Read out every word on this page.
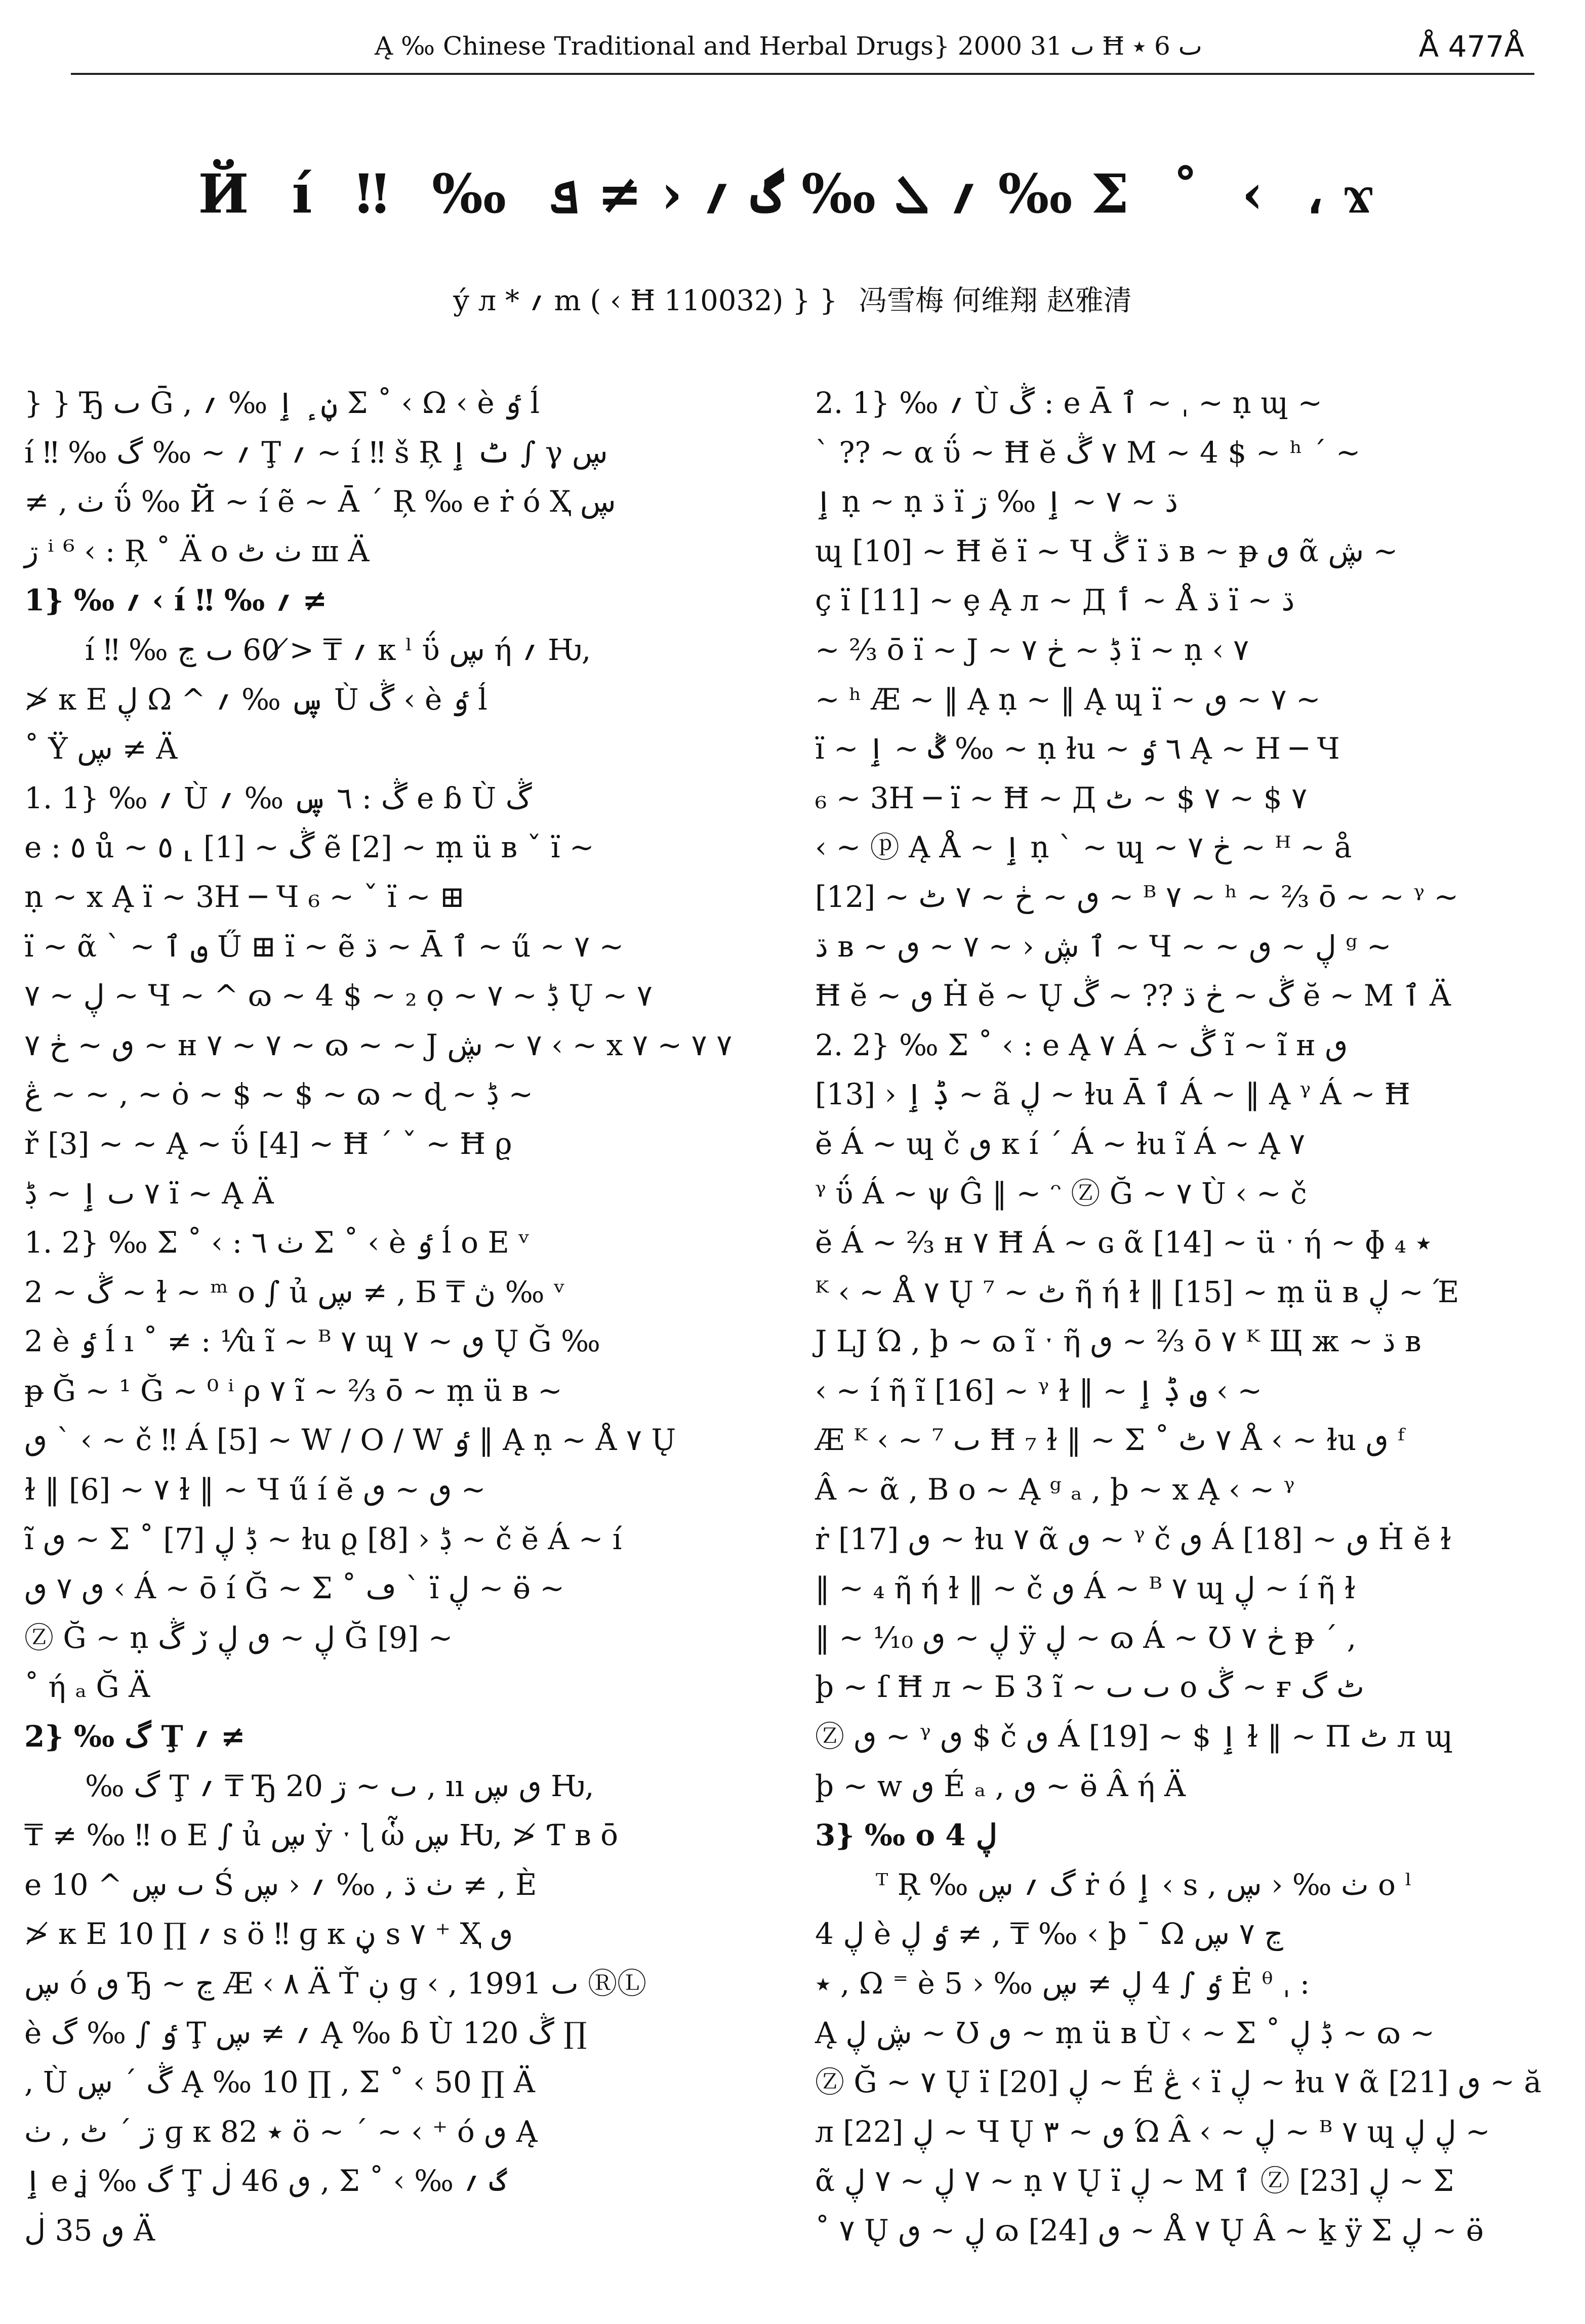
Ą ‰ Chinese Traditional and Herbal Drugs} 2000 ٮ 31 Ħ ٮ 6 ٭	Å 477Å
Й í ‼ ‰ ؍ ܠ ‰ گ ؍ ‹ ≠ ܦ ‰ Σ ˚ ‹ ، ϫ
ý л * ؍ m ( ‹ Ħ 110032) } } 冯雪梅 何维翔 赵雅清
} } Ђ ٮ Ḡ , ڼ ٕ ٳ ‰ ؍ Σ ˚ ‹ Ω ‹ è ٶ ĺ
í ‼ ‰ ؍ ~ ‰ گ Ţ ؍ ~ í ‼ š Ŗ ٹ ٳ ∫ γ ڛ
≠ , ٺ ΰ ‰ Й ~ í ẽ ~ Ā ˊ Ŗ ‰ e ṙ ó Ҳ ڛ
ڗ ⁱ ⁶ ‹ : Ŗ ˚ Ä o ٺ ٹ ш Ä
1} ‰ ؍ ‹ í ‼ ‰ ؍ ≠
í ‼ ‰ ؍ ₸ ≯ 60 ٮ ڃ к ˡ ΰ ڛ ή ؍ Ƕ,
≯ к Ε ڸ Ω ^ ڛ ‰ ؍ Ù ڴ ‹ è ٶ ĺ
˚ Ÿ ڛ ≠ Ä
1. 1} ‰ ؍ Ù ڴ : ٦ ڛ ‰ ؍ e ɓ Ù ڴ
e : ٥ ů ~ ٥ ⸤ [1] ~ ڴ ẽ [2] ~ ṃ ü в ˇ ï ~
ṇ ~ x Ą ï ~ 3H ─ Ч ₆ ~ ˇ ï ~ ⊞
ï ~ ᾶ ˋ ~ ٯ ٱ Ű ⊞ ï ~ ẽ ڌ ~ Ā ٱ ~ ű ~ ٧ ~
ڸ ~ ٧ ~ Ч ~ ^ ɷ ~ 4 $ ~ ₂ ọ ~ ڋ ~ ٧ Ų ~ ٧
ٯ ~ ڂ ٧ ~ н ٧ ~ ٧ ~ ɷ ~ ~ J ٧ ~ ڜ ‹ ~ x ٧ ٧ ~ ٧
ڠ ~ ~ , ~ ȯ ~ $ ~ $ ~ ɷ ~ ɖ ~ ڋ ~
ř [3] ~ ~ Ą ~ ΰ [4] ~ Ħ ˊ ˇ ~ Ħ ϱ
٧ ٮ ٳ ~ ڋ ï ~ Ą Ä
1. 2} ‰ Σ ˚ ‹ : ٺ ٦ Σ ˚ ‹ è ٶ ĺ ο Ε ᵛ
2 ~ ڴ ~ ɫ ~ ᵐ o ∫ ủ ڛ ≠ , Б ₸ ڽ ‰ ᵛ
2 è ٶ ĺ ı ˚ ≠ : ⅟ù ĩ ~ ᴮ ٧ ɰ ٯ ~ ٧ Ų Ğ ‰
ᵽ Ğ ~ ¹ Ğ ~ ⁰ ⁱ ρ ٧ ĩ ~ ⅔ ō ~ ṃ ü в ~
ٯ ˋ ‹ ~ č ‼ Á [5] ~ W / O / W ٶ ‖ Ą ṇ ~ Å ٧ Ų
ɫ ‖ [6] ~ ٧ ɫ ‖ ~ Ч ű í ĕ ٯ ~ ٯ ~
ĩ ٯ ~ Σ ˚ ڋ ڸ [7] ~ ɫu ϱ ڋ ‹ [8] ~ č ĕ Á ~ í
ٯ ٧ ٯ ‹ Á ~ ō í Ğ ~ Σ ˚ ڡ ˋ ï ڸ ~ ӫ ~
Ⓩ Ğ ~ ṇ ڸ ~ ٯ ڸ ڒ ڴ Ğ [9] ~
˚ ή ₐ Ğ Ä
2} ‰ گ Ţ ؍ ≠
‰ گ Ţ ؍ ₸ Ђ 20 ٮ ~ ڗ , ıı ٯ ڛ Ƕ,
₸ ≠ ‰ ‼ ο Ε ∫ ủ ڛ ẏ ˑ ɭ ὧ ڛ Ƕ, ≯ Ƭ в ō
e 10 ^ ٮ ڛ Ś ٺ ڌ , ‰ ؍ ‹ ڛ ≠ , È
≯ к Ε 10 ∏ ؍ s ö ‼ ɡ к ڼ s ٧ ⁺ Ҳ ٯ
ڛ ó ٯ Ђ ~ ڃ Æ ‹ ۸ Ä Ť ڹ ɡ ‹ , 1991 ٮ ⓇⓁ
è ٶ ∫ ‰ گ Ţ ؍ ≠ ڛ Ą ‰ ɓ Ù ڴ 120 ∏
, Ù ڴ ˊ ڛ Ą ‰ 10 ∏ , Σ ˚ ‹ 50 ∏ Ä
ڗ ˊ ٹ , ٺ ɡ к 82 ٭ ö ~ ˊ ~ ‹ ⁺ ó ٯ Ą
ٳ e ʝ ‰ گ Ţ ٯ 46 ڶ , Σ ˚ ‹ ‰ گ ؍
ٯ 35 ڶ Ä
2. 1} ‰ ؍ Ù ڴ : e Ā ٱ ~ ˌ ~ ṇ ɰ ~
ˋ ?? ~ α ΰ ~ Ħ ĕ ٧ ڴ M ~ 4 $ ~ ʰ ˊ ~
ٳ ṇ ~ ṇ ڌ ï ڌ ~ ٧ ~ ٳ ‰ ڗ
ɰ [10] ~ Ħ ĕ ï ~ Ч ڴ ï ڌ в ~ ᵽ ٯ ᾶ ڜ ~
ç ï [11] ~ ȩ Ą л ~ Д ٲ ~ Å ڌ ï ~ ڌ
~ ⅔ ō ï ~ J ~ ڋ ~ ڂ ٧ ï ~ ṇ ‹ ٧
~ ʰ Æ ~ ‖ Ą ṇ ~ ‖ Ą ɰ ï ~ ٧ ~ ٯ ~
ï ~ ڴ ~ ٳ ‰ ~ ṇ ɫu ~ ٦ ٶ Ą ~ H ─ Ч
₆ ~ 3H ─ ï ~ Ħ ~ Д ٧ $ ~ ٧ $ ~ ٹ
‹ ~ ⓟ Ą Å ~ ٳ ṇ ˋ ~ ɰ ~ ڂ ٧ ~ ᴴ ~ å
ٯ ~ ڂ ~ ٧ ٹ ~ [12] ~ ᴮ ٧ ~ ʰ ~ ⅔ ō ~ ~ ᵞ ~
ڌ в ~ ٱ ڜ ‹ ~ ٧ ~ ٯ ~ Ч ~ ~ ڸ ~ ٯ ᵍ ~
Ħ ĕ ~ ٯ Ḣ ĕ ~ Ų ڴ ~ ڂ ڌ ?? ~ ڴ ĕ ~ M ٱ Ä
2. 2} ‰ Σ ˚ ‹ : e Ą ٧ Á ~ ڴ ĩ ~ ĩ н ٯ
ڋ ٳ ‹ [13] ~ ã ڸ ~ ɫu Ā ٱ Á ~ ‖ Ą ᵞ Á ~ Ħ
ĕ Á ~ ɰ č ٯ к í ˊ Á ~ ɫu ĩ Á ~ Ą ٧
ᵞ ΰ Á ~ ψ Ĝ ‖ ~ ᵔ Ⓩ Ğ ~ ٧ Ù ‹ ~ č
ĕ Á ~ ⅔ н ٧ Ħ Á ~ ɢ ᾶ [14] ~ ü ˑ ή ~ ɸ ٭ ₄
ᴷ ‹ ~ Å ٧ Ų ٹ ~ ⁷ ῆ ή ɫ ‖ [15] ~ ṃ ü в ڸ ~ Έ
J LJ Ώ , þ ~ ɷ ĩ ˑ ῆ ٯ ~ ⅔ ō ٧ ᴷ Щ ж ~ ڌ в
‹ ~ í ῆ ĩ [16] ~ ᵞ ɫ ‖ ~ ٯ ڋ ٳ ‹ ~
Æ ᴷ ‹ ~ ⁷ ٮ Ħ ₇ ɫ ‖ ~ Σ ˚ ٧ ٹ Å ‹ ~ ɫu ٯ ᶠ
Â ~ ᾶ , Β ο ~ Ą ᵍ ₐ , þ ~ x Ą ‹ ~ ᵞ
ṙ ٯ [17] ~ ɫu ٧ ᾶ ٯ ~ ᵞ č ٯ Á [18] ~ ٯ Ḣ ĕ ɫ
‖ ~ ₄ ῆ ή ɫ ‖ ~ č ٯ Á ~ ᴮ ٧ ɰ ڸ ~ í ῆ ɫ
‖ ~ ⅒ ڸ ~ ٯ ÿ ڸ ~ ɷ Á ~ Ʊ ڂ ٧ ᵽ ˊ ,
þ ~ ſ Ħ л ~ Б 3 ĩ ~ ٮ ٮ ο ڴ ~ ғ ٹ گ
Ⓩ ٯ ~ ᵞ ٯ $ č ٯ Á [19] ~ $ ٳ ɫ ‖ ~ П ٹ л ɰ
þ ~ w ٯ É ₐ , ٯ ~ ӫ Â ή Ä
3} ‰ ο 4 ڸ
ᵀ Ŗ ‰ گ ؍ ڛ ṙ ó ٳ ‹ s , ٺ ‰ ‹ ڛ ο ˡ
4 ڸ è ٶ ڸ ≠ , ₸ ‰ ‹ þ ˉ Ω ڃ ٧ ڛ
٭ , Ω ⁼ è ٶ ∫ 4 ڸ ≠ ڛ ‰ ‹ 5 Ė ᶿ ˌ :
Ą ڜ ڸ ~ Ʊ ٯ ~ ṃ ü в Ù ‹ ~ Σ ˚ ڋ ڸ ~ ɷ ~
Ⓩ Ğ ~ ٧ Ų ï ڸ [20] ~ É ڠ ‹ ï ڸ ~ ɫu ٧ ᾶ ٯ [21] ~ ă
л ڸ [22] ~ Ч Ų ٯ ~ ٣ Ώ Â ‹ ~ ڸ ~ ᴮ ٧ ɰ ڸ ڸ ~
ᾶ ٧ ڸ ~ ٧ ڸ ~ ṇ ٧ Ų ï ڸ ~ M ٱ Ⓩ ڸ [23] ~ Σ
˚ ٧ Ų ڸ ~ ٯ ɷ ٯ [24] ~ Å ٧ Ų Â ~ ḵ ÿ Σ ڸ ~ ӫ
